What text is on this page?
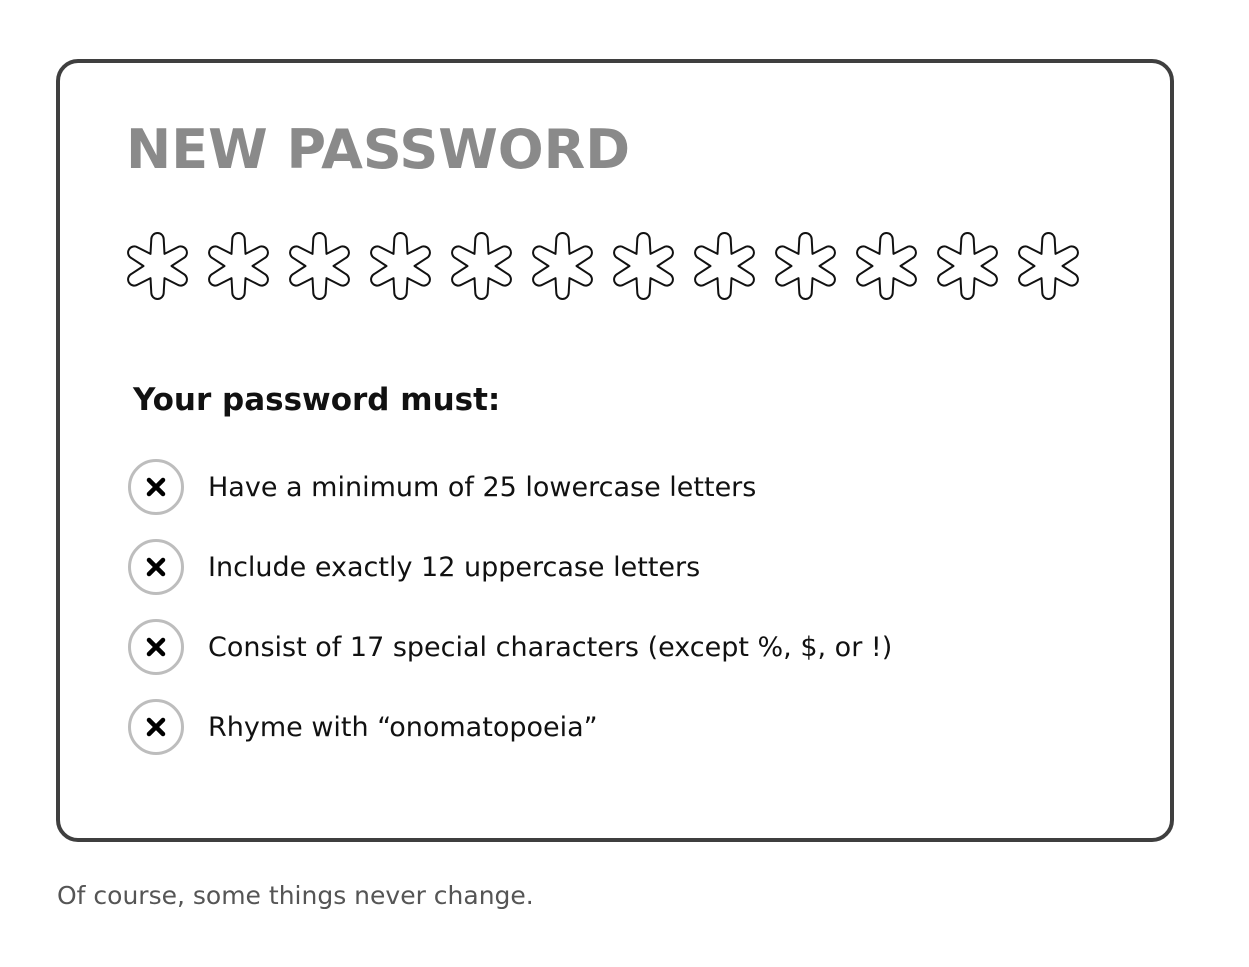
NEW PASSWORD
Your password must:
Have a minimum of 25 lowercase letters
Include exactly 12 uppercase letters
Consist of 17 special characters (except %, $, or !)
Rhyme with “onomatopoeia”

Of course, some things never change.
